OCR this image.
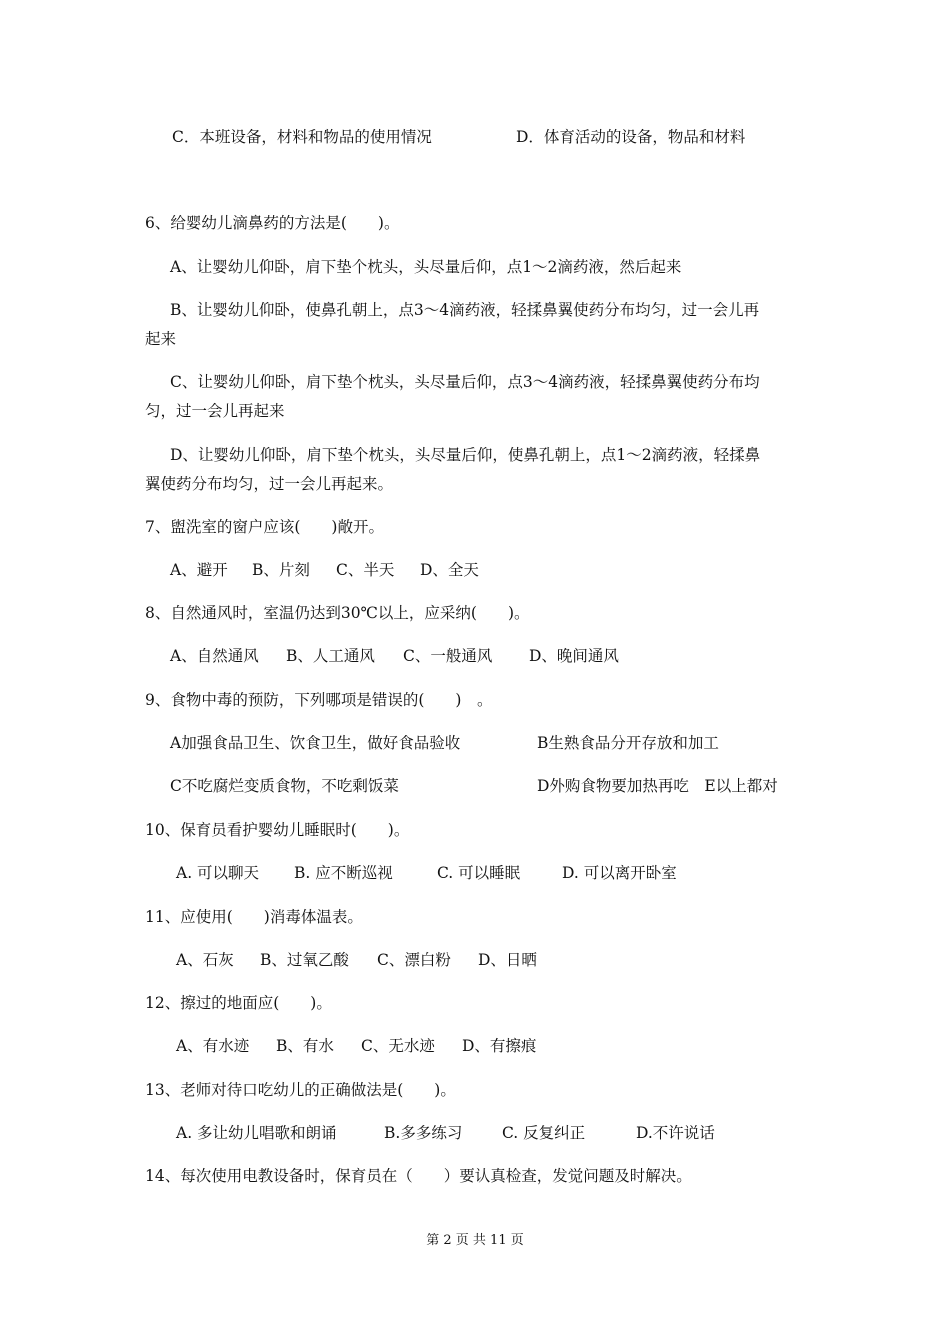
C．本班设备，材料和物品的使用情况	D．体育活动的设备，物品和材料
6、给婴幼儿滴鼻药的方法是(　　)。
A、让婴幼儿仰卧，肩下垫个枕头，头尽量后仰，点1～2滴药液，然后起来
B、让婴幼儿仰卧，使鼻孔朝上，点3～4滴药液，轻揉鼻翼使药分布均匀，过一会儿再
起来
C、让婴幼儿仰卧，肩下垫个枕头，头尽量后仰，点3～4滴药液，轻揉鼻翼使药分布均
匀，过一会儿再起来
D、让婴幼儿仰卧，肩下垫个枕头，头尽量后仰，使鼻孔朝上，点1～2滴药液，轻揉鼻
翼使药分布均匀，过一会儿再起来。
7、盥洗室的窗户应该(　　)敞开。
A、避开 B、片刻 C、半天 D、全天
8、自然通风时，室温仍达到30℃以上，应采纳(　　)。
A、自然通风 B、人工通风 C、一般通风 D、晚间通风
9、食物中毒的预防，下列哪项是错误的(　　)　。
A加强食品卫生、饮食卫生，做好食品验收	B生熟食品分开存放和加工
C不吃腐烂变质食物，不吃剩饭菜	D外购食物要加热再吃　E以上都对
10、保育员看护婴幼儿睡眠时(　　)。
A. 可以聊天 B. 应不断巡视	C. 可以睡眠	D. 可以离开卧室
11、应使用(　　)消毒体温表。
A、石灰 B、过氧乙酸 C、漂白粉 D、日晒
12、擦过的地面应(　　)。
A、有水迹 B、有水 C、无水迹 D、有擦痕
13、老师对待口吃幼儿的正确做法是(　　)。
A. 多让幼儿唱歌和朗诵	B.多多练习	C. 反复纠正	D.不许说话
14、每次使用电教设备时，保育员在（　　）要认真检查，发觉问题及时解决。
第 2 页 共 11 页
